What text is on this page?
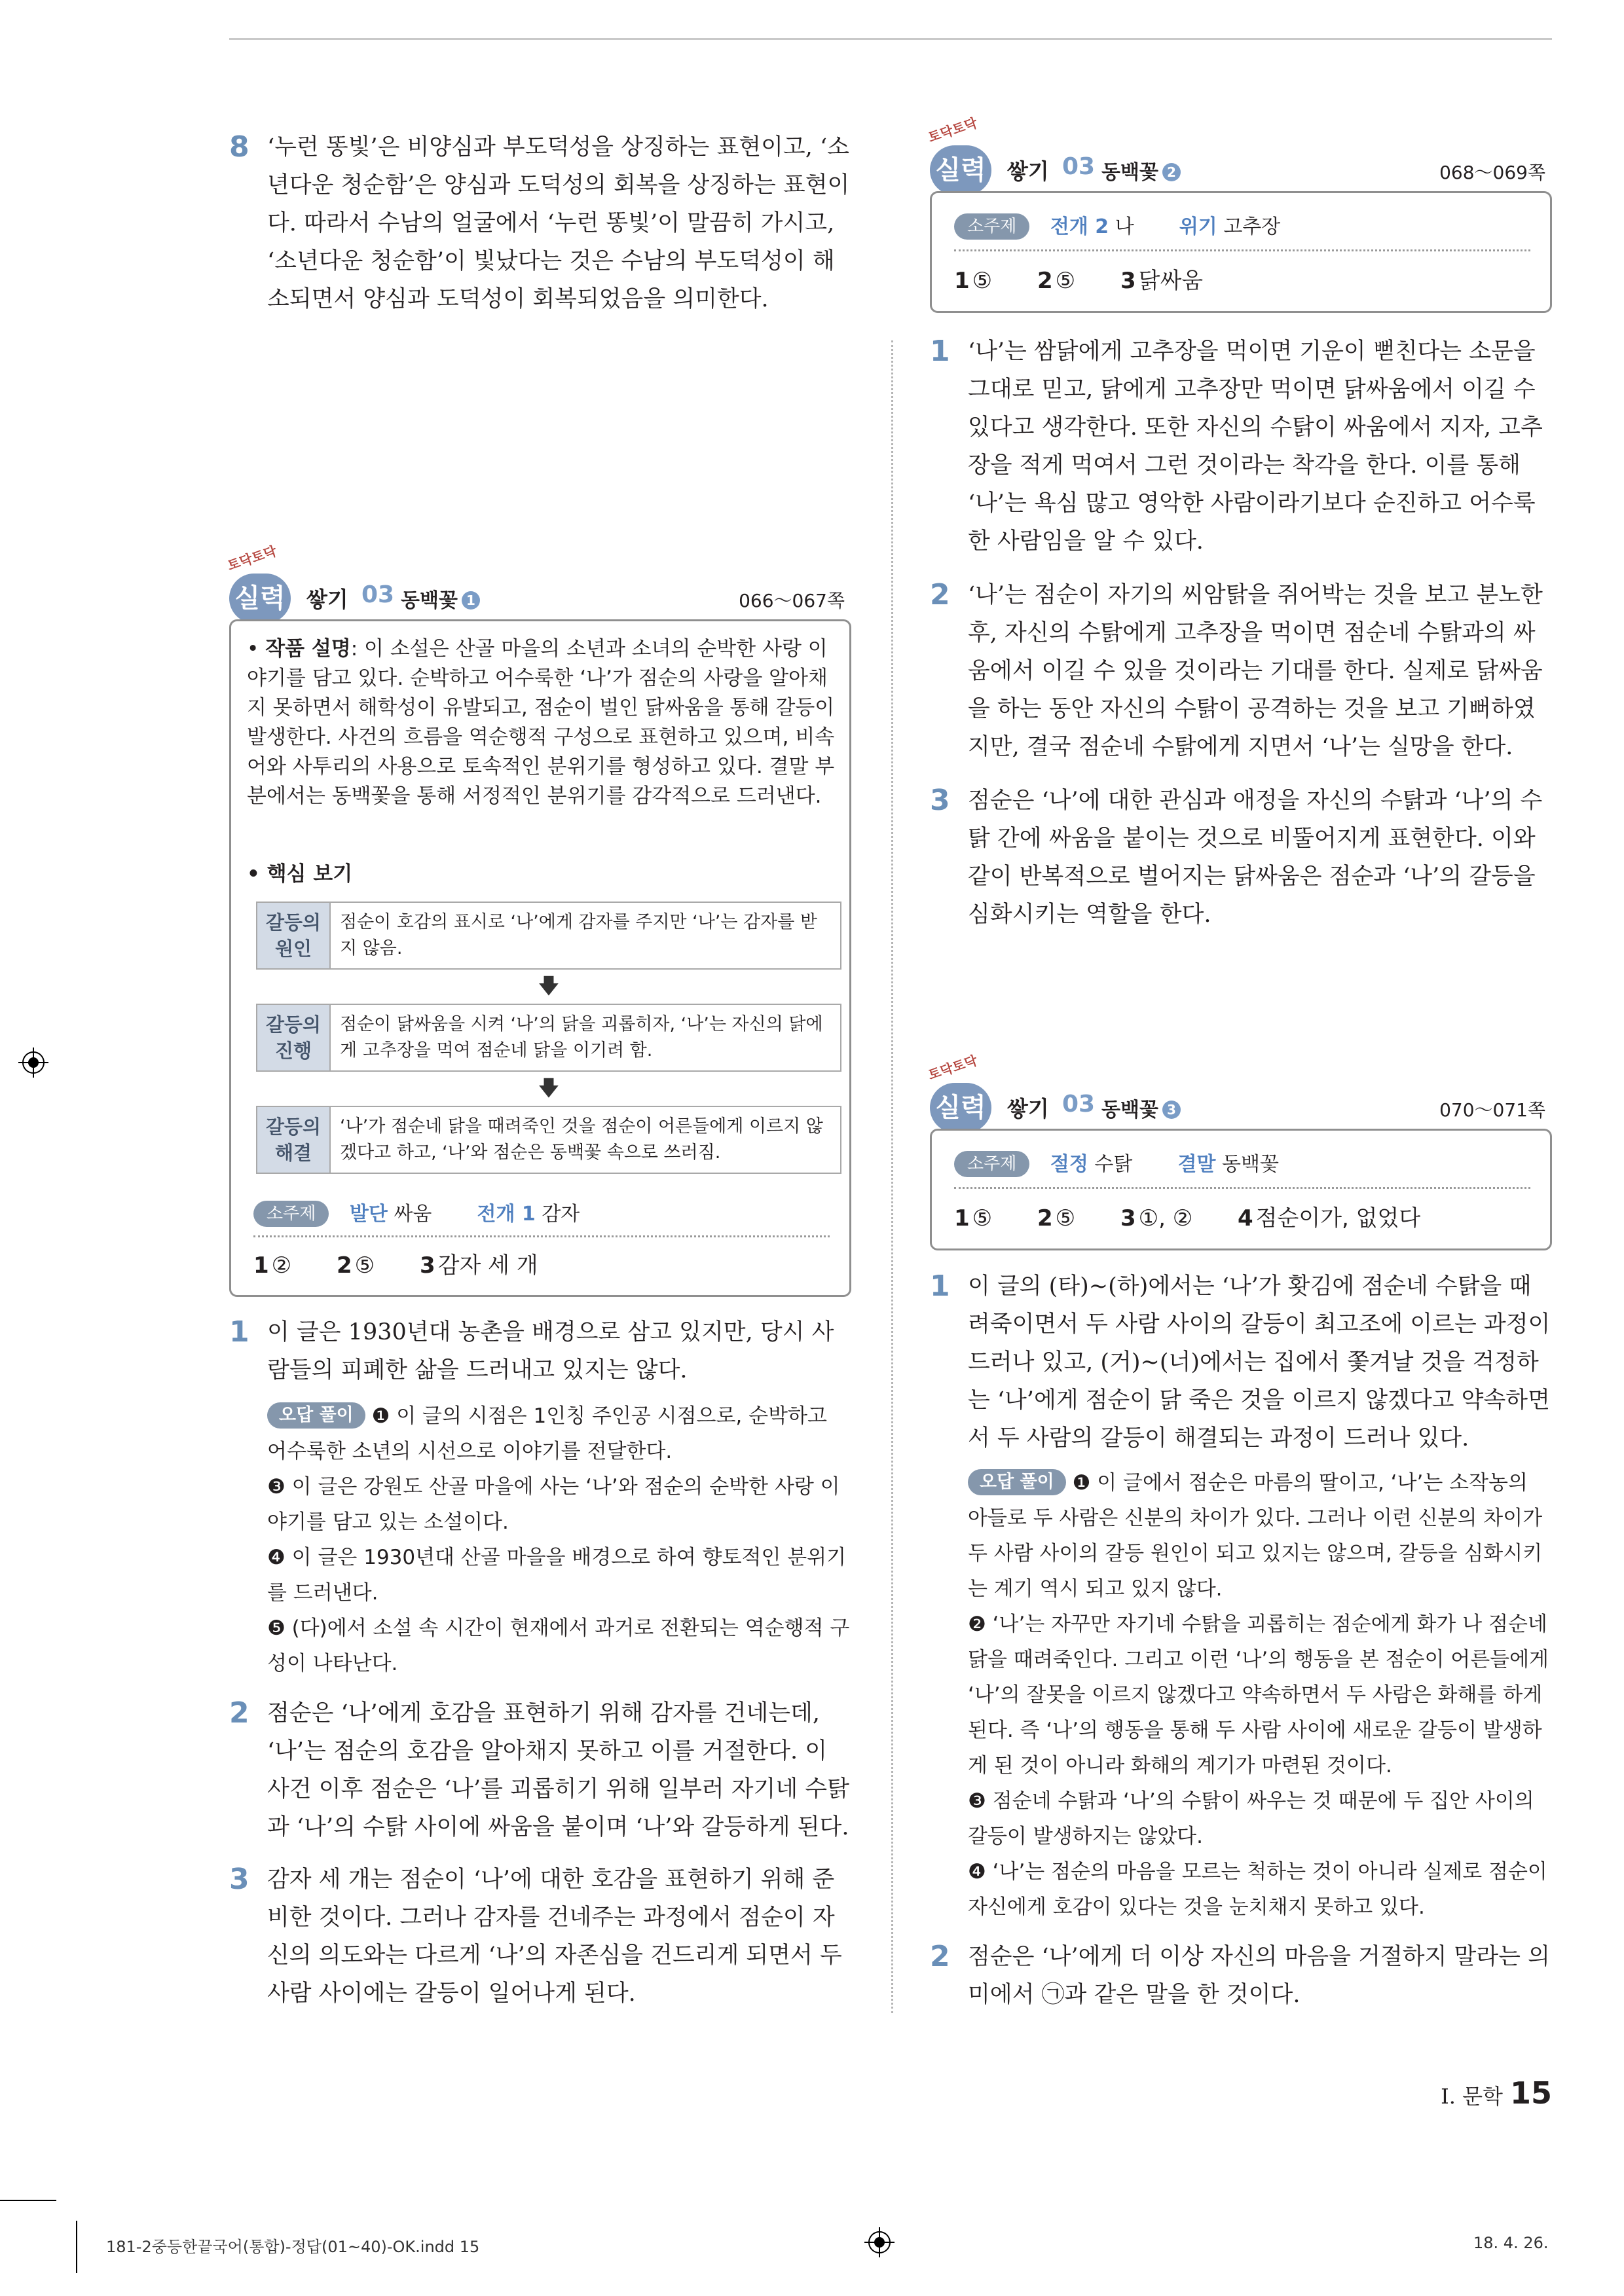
8 ‘누런 똥빛’은 비양심과 부도덕성을 상징하는 표현이고, ‘소년다운 청순함’은 양심과 도덕성의 회복을 상징하는 표현이다. 따라서 수남의 얼굴에서 ‘누런 똥빛’이 말끔히 가시고, ‘소년다운 청순함’이 빛났다는 것은 수남의 부도덕성이 해소되면서 양심과 도덕성이 회복되었음을 의미한다.
토닥토닥
실력 쌓기 03 동백꽃 1	066～067쪽
• 작품 설명: 이 소설은 산골 마을의 소년과 소녀의 순박한 사랑 이야기를 담고 있다. 순박하고 어수룩한 ‘나’가 점순의 사랑을 알아채지 못하면서 해학성이 유발되고, 점순이 벌인 닭싸움을 통해 갈등이 발생한다. 사건의 흐름을 역순행적 구성으로 표현하고 있으며, 비속어와 사투리의 사용으로 토속적인 분위기를 형성하고 있다. 결말 부분에서는 동백꽃을 통해 서정적인 분위기를 감각적으로 드러낸다.
• 핵심 보기
갈등의 원인
점순이 호감의 표시로 ‘나’에게 감자를 주지만 ‘나’는 감자를 받지 않음.
🡇
갈등의 진행
점순이 닭싸움을 시켜 ‘나’의 닭을 괴롭히자, ‘나’는 자신의 닭에게 고추장을 먹여 점순네 닭을 이기려 함.
🡇
갈등의 해결
‘나’가 점순네 닭을 때려죽인 것을 점순이 어른들에게 이르지 않겠다고 하고, ‘나’와 점순은 동백꽃 속으로 쓰러짐.
소주제 발단 싸움 전개 1 감자
1 ② 2 ⑤ 3 감자 세 개
1 이 글은 1930년대 농촌을 배경으로 삼고 있지만, 당시 사람들의 피폐한 삶을 드러내고 있지는 않다.
오답 풀이 ❶ 이 글의 시점은 1인칭 주인공 시점으로, 순박하고 어수룩한 소년의 시선으로 이야기를 전달한다.
❸ 이 글은 강원도 산골 마을에 사는 ‘나’와 점순의 순박한 사랑 이야기를 담고 있는 소설이다.
❹ 이 글은 1930년대 산골 마을을 배경으로 하여 향토적인 분위기를 드러낸다.
❺ (다)에서 소설 속 시간이 현재에서 과거로 전환되는 역순행적 구성이 나타난다.
2 점순은 ‘나’에게 호감을 표현하기 위해 감자를 건네는데, ‘나’는 점순의 호감을 알아채지 못하고 이를 거절한다. 이 사건 이후 점순은 ‘나’를 괴롭히기 위해 일부러 자기네 수탉과 ‘나’의 수탉 사이에 싸움을 붙이며 ‘나’와 갈등하게 된다.
3 감자 세 개는 점순이 ‘나’에 대한 호감을 표현하기 위해 준비한 것이다. 그러나 감자를 건네주는 과정에서 점순이 자신의 의도와는 다르게 ‘나’의 자존심을 건드리게 되면서 두 사람 사이에는 갈등이 일어나게 된다.
토닥토닥
실력 쌓기 03 동백꽃 2	068～069쪽
소주제 전개 2 나 위기 고추장
1 ⑤ 2 ⑤ 3 닭싸움
1 ‘나’는 쌈닭에게 고추장을 먹이면 기운이 뻗친다는 소문을 그대로 믿고, 닭에게 고추장만 먹이면 닭싸움에서 이길 수 있다고 생각한다. 또한 자신의 수탉이 싸움에서 지자, 고추장을 적게 먹여서 그런 것이라는 착각을 한다. 이를 통해 ‘나’는 욕심 많고 영악한 사람이라기보다 순진하고 어수룩한 사람임을 알 수 있다.
2 ‘나’는 점순이 자기의 씨암탉을 쥐어박는 것을 보고 분노한 후, 자신의 수탉에게 고추장을 먹이면 점순네 수탉과의 싸움에서 이길 수 있을 것이라는 기대를 한다. 실제로 닭싸움을 하는 동안 자신의 수탉이 공격하는 것을 보고 기뻐하였지만, 결국 점순네 수탉에게 지면서 ‘나’는 실망을 한다.
3 점순은 ‘나’에 대한 관심과 애정을 자신의 수탉과 ‘나’의 수탉 간에 싸움을 붙이는 것으로 비뚤어지게 표현한다. 이와 같이 반복적으로 벌어지는 닭싸움은 점순과 ‘나’의 갈등을 심화시키는 역할을 한다.
토닥토닥
실력 쌓기 03 동백꽃 3	070～071쪽
소주제 절정 수탉 결말 동백꽃
1 ⑤ 2 ⑤ 3 ①, ② 4 점순이가, 없었다
1 이 글의 (타)~(하)에서는 ‘나’가 홧김에 점순네 수탉을 때려죽이면서 두 사람 사이의 갈등이 최고조에 이르는 과정이 드러나 있고, (거)~(너)에서는 집에서 쫓겨날 것을 걱정하는 ‘나’에게 점순이 닭 죽은 것을 이르지 않겠다고 약속하면서 두 사람의 갈등이 해결되는 과정이 드러나 있다.
오답 풀이 ❶ 이 글에서 점순은 마름의 딸이고, ‘나’는 소작농의 아들로 두 사람은 신분의 차이가 있다. 그러나 이런 신분의 차이가 두 사람 사이의 갈등 원인이 되고 있지는 않으며, 갈등을 심화시키는 계기 역시 되고 있지 않다.
❷ ‘나’는 자꾸만 자기네 수탉을 괴롭히는 점순에게 화가 나 점순네 닭을 때려죽인다. 그리고 이런 ‘나’의 행동을 본 점순이 어른들에게 ‘나’의 잘못을 이르지 않겠다고 약속하면서 두 사람은 화해를 하게 된다. 즉 ‘나’의 행동을 통해 두 사람 사이에 새로운 갈등이 발생하게 된 것이 아니라 화해의 계기가 마련된 것이다.
❸ 점순네 수탉과 ‘나’의 수탉이 싸우는 것 때문에 두 집안 사이의 갈등이 발생하지는 않았다.
❹ ‘나’는 점순의 마음을 모르는 척하는 것이 아니라 실제로 점순이 자신에게 호감이 있다는 것을 눈치채지 못하고 있다.
2 점순은 ‘나’에게 더 이상 자신의 마음을 거절하지 말라는 의미에서 ㉠과 같은 말을 한 것이다.
Ⅰ. 문학 15
181-2중등한끝국어(통합)-정답(01~40)-OK.indd 15	18. 4. 26.
